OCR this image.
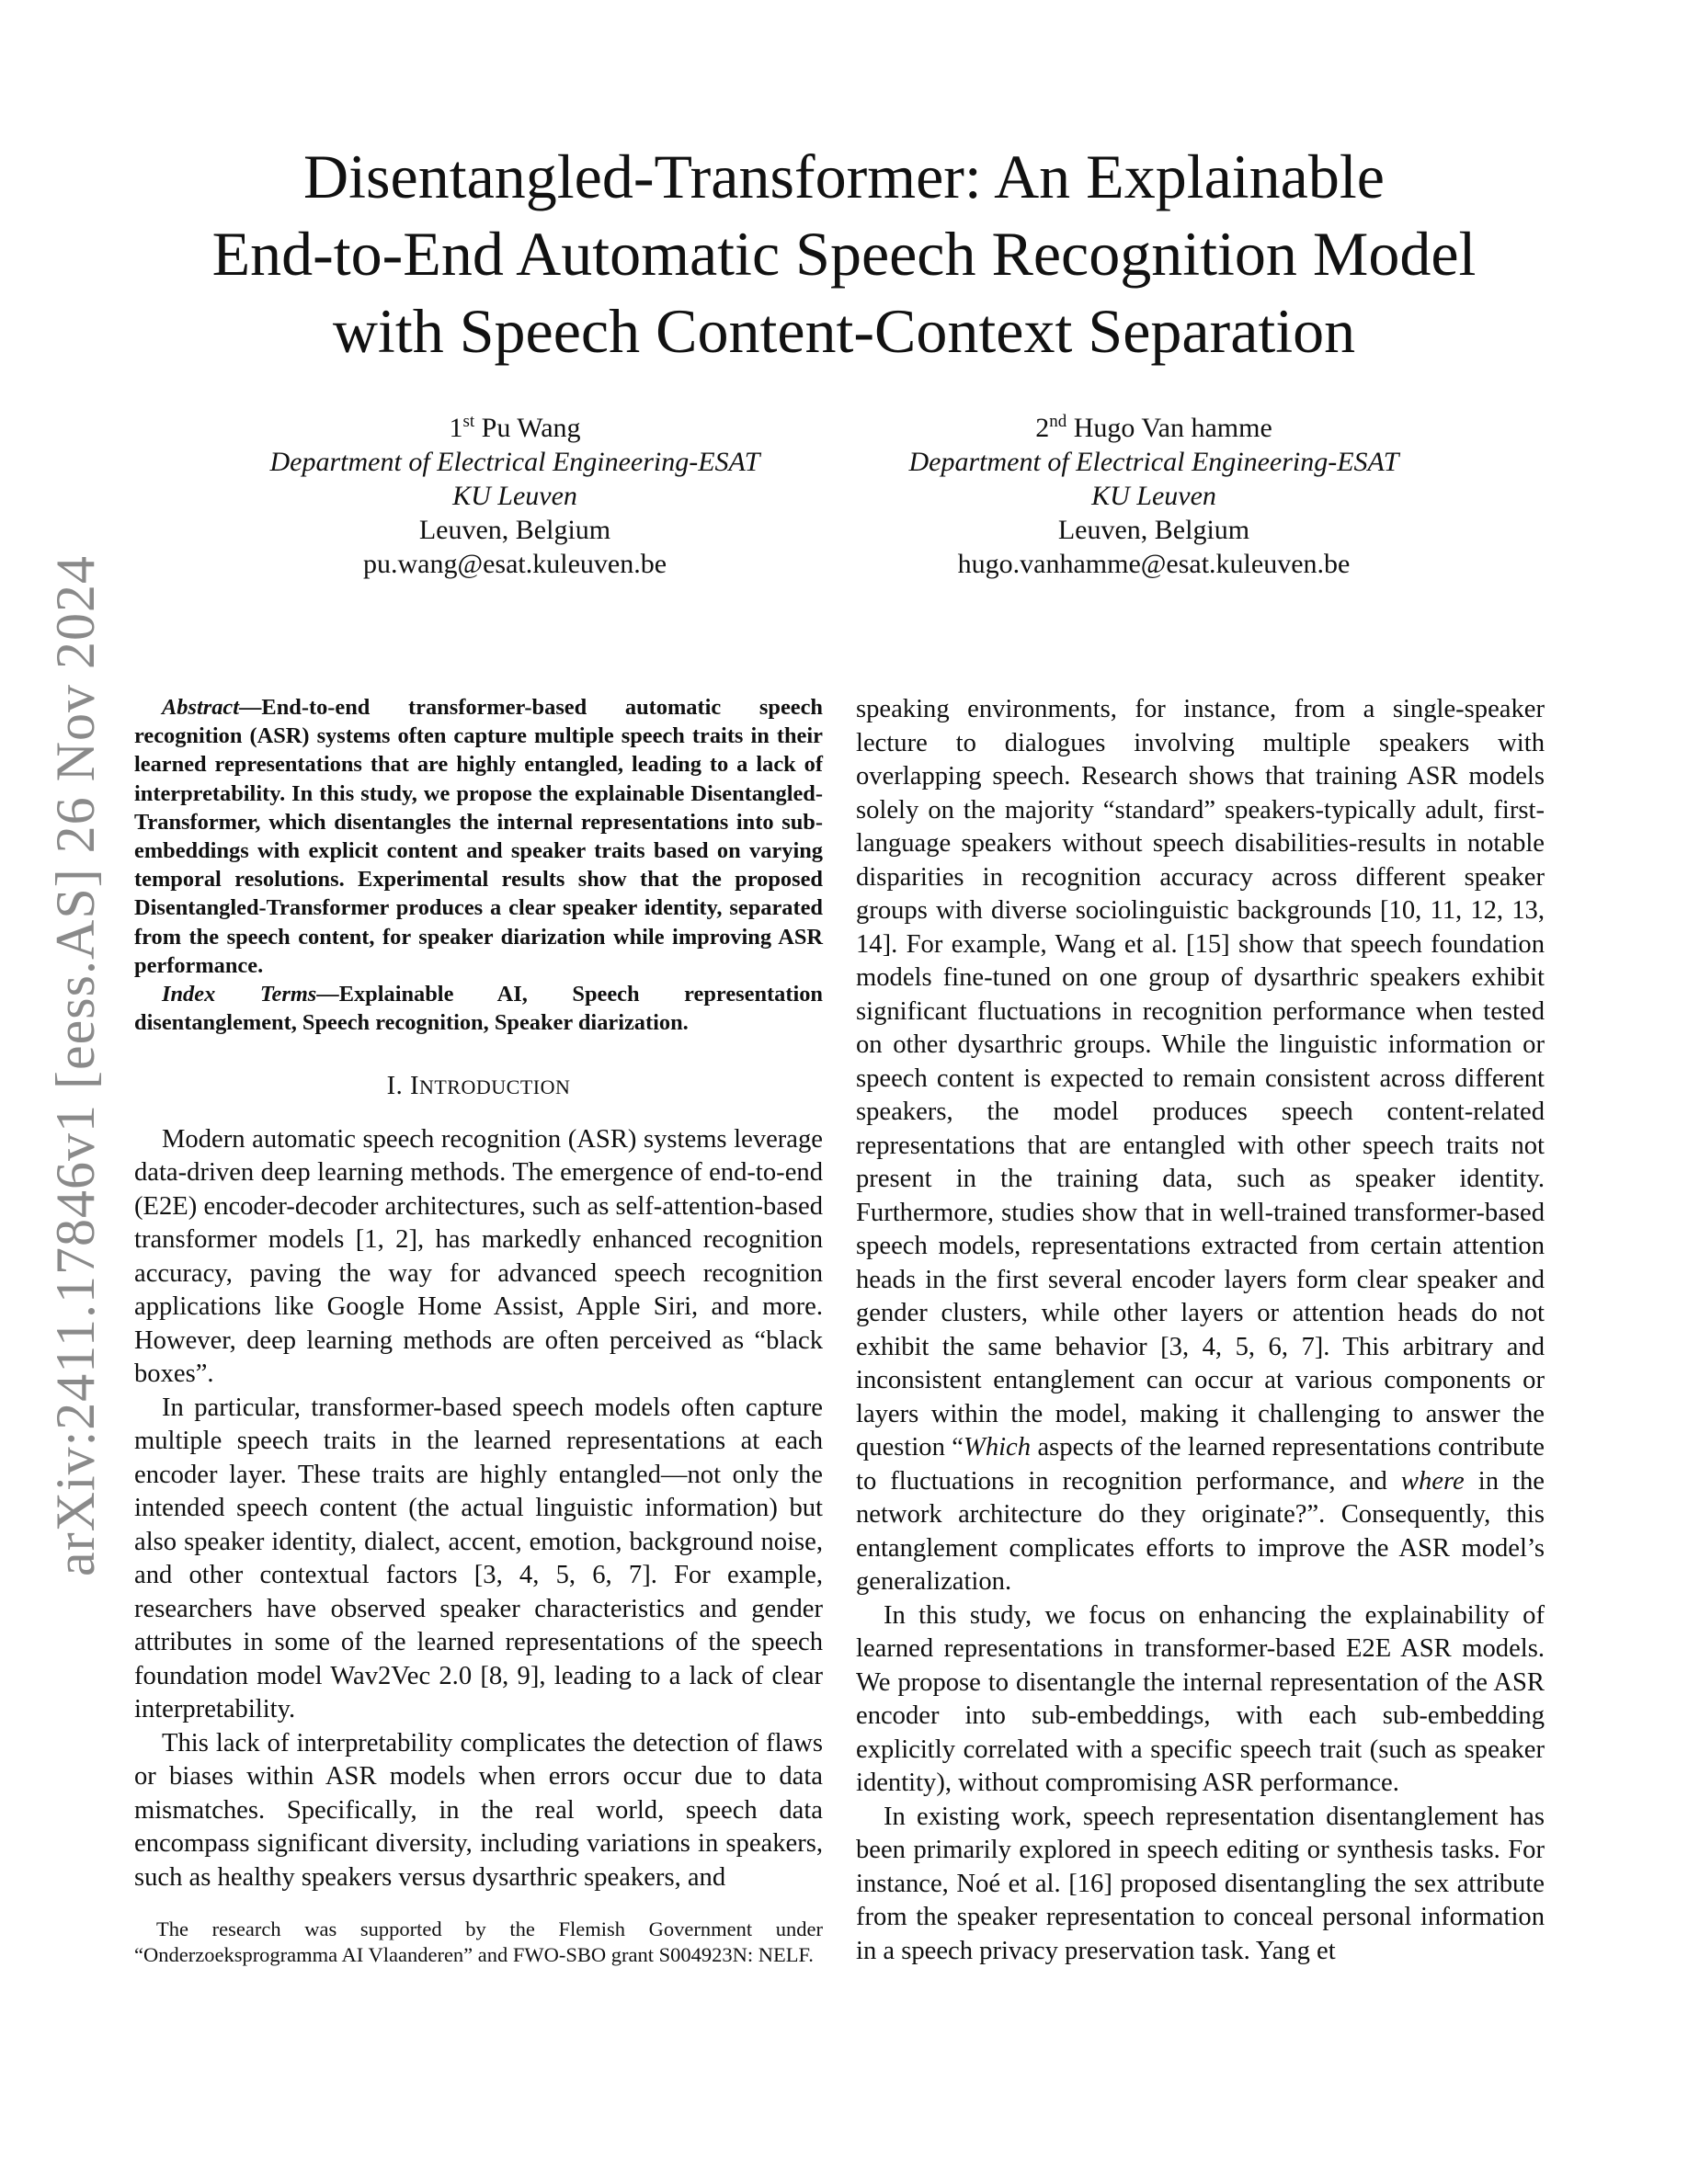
arXiv:2411.17846v1 [eess.AS] 26 Nov 2024
Disentangled-Transformer: An Explainable
End-to-End Automatic Speech Recognition Model
with Speech Content-Context Separation
1st Pu Wang
Department of Electrical Engineering-ESAT
KU Leuven
Leuven, Belgium
pu.wang@esat.kuleuven.be
2nd Hugo Van hamme
Department of Electrical Engineering-ESAT
KU Leuven
Leuven, Belgium
hugo.vanhamme@esat.kuleuven.be

Abstract—End-to-end transformer-based automatic speech recognition (ASR) systems often capture multiple speech traits in their learned representations that are highly entangled, leading to a lack of interpretability. In this study, we propose the explainable Disentangled-Transformer, which disentangles the internal representations into sub-embeddings with explicit content and speaker traits based on varying temporal resolutions. Experimental results show that the proposed Disentangled-Transformer produces a clear speaker identity, separated from the speech content, for speaker diarization while improving ASR performance.

Index Terms—Explainable AI, Speech representation disentanglement, Speech recognition, Speaker diarization.

I. INTRODUCTION

Modern automatic speech recognition (ASR) systems leverage data-driven deep learning methods. The emergence of end-to-end (E2E) encoder-decoder architectures, such as self-attention-based transformer models [1, 2], has markedly enhanced recognition accuracy, paving the way for advanced speech recognition applications like Google Home Assist, Apple Siri, and more. However, deep learning methods are often perceived as “black boxes”.

In particular, transformer-based speech models often capture multiple speech traits in the learned representations at each encoder layer. These traits are highly entangled—not only the intended speech content (the actual linguistic information) but also speaker identity, dialect, accent, emotion, background noise, and other contextual factors [3, 4, 5, 6, 7]. For example, researchers have observed speaker characteristics and gender attributes in some of the learned representations of the speech foundation model Wav2Vec 2.0 [8, 9], leading to a lack of clear interpretability.

This lack of interpretability complicates the detection of flaws or biases within ASR models when errors occur due to data mismatches. Specifically, in the real world, speech data encompass significant diversity, including variations in speakers, such as healthy speakers versus dysarthric speakers, and

speaking environments, for instance, from a single-speaker lecture to dialogues involving multiple speakers with overlapping speech. Research shows that training ASR models solely on the majority “standard” speakers-typically adult, first-language speakers without speech disabilities-results in notable disparities in recognition accuracy across different speaker groups with diverse sociolinguistic backgrounds [10, 11, 12, 13, 14]. For example, Wang et al. [15] show that speech foundation models fine-tuned on one group of dysarthric speakers exhibit significant fluctuations in recognition performance when tested on other dysarthric groups. While the linguistic information or speech content is expected to remain consistent across different speakers, the model produces speech content-related representations that are entangled with other speech traits not present in the training data, such as speaker identity. Furthermore, studies show that in well-trained transformer-based speech models, representations extracted from certain attention heads in the first several encoder layers form clear speaker and gender clusters, while other layers or attention heads do not exhibit the same behavior [3, 4, 5, 6, 7]. This arbitrary and inconsistent entanglement can occur at various components or layers within the model, making it challenging to answer the question “Which aspects of the learned representations contribute to fluctuations in recognition performance, and where in the network architecture do they originate?”. Consequently, this entanglement complicates efforts to improve the ASR model’s generalization.

In this study, we focus on enhancing the explainability of learned representations in transformer-based E2E ASR models. We propose to disentangle the internal representation of the ASR encoder into sub-embeddings, with each sub-embedding explicitly correlated with a specific speech trait (such as speaker identity), without compromising ASR performance.

In existing work, speech representation disentanglement has been primarily explored in speech editing or synthesis tasks. For instance, Noé et al. [16] proposed disentangling the sex attribute from the speaker representation to conceal personal information in a speech privacy preservation task. Yang et

The research was supported by the Flemish Government under “Onderzoeksprogramma AI Vlaanderen” and FWO-SBO grant S004923N: NELF.
